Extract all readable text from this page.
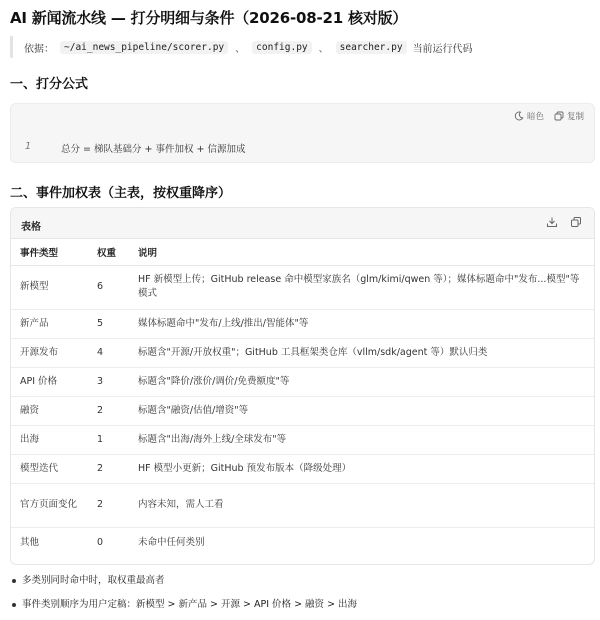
AI 新闻流水线 — 打分明细与条件（2026-08-21 核对版）
依据：	~/ai_news_pipeline/scorer.py	、	config.py	、	searcher.py	当前运行代码
一、打分公式
暗色	复制
1	总分 = 梯队基础分 + 事件加权 + 信源加成
二、事件加权表（主表，按权重降序）
表格
事件类型	权重	说明
新模型	6	HF 新模型上传；GitHub release 命中模型家族名（glm/kimi/qwen 等）；媒体标题命中"发布...模型"等模式
新产品	5	媒体标题命中"发布/上线/推出/智能体"等
开源发布	4	标题含"开源/开放权重"；GitHub 工具框架类仓库（vllm/sdk/agent 等）默认归类
API 价格	3	标题含"降价/涨价/调价/免费额度"等
融资	2	标题含"融资/估值/增资"等
出海	1	标题含"出海/海外上线/全球发布"等
模型迭代	2	HF 模型小更新；GitHub 预发布版本（降级处理）
官方页面变化	2	内容未知，需人工看
其他	0	未命中任何类别
多类别同时命中时，取权重最高者
事件类别顺序为用户定稿：新模型 > 新产品 > 开源 > API 价格 > 融资 > 出海
